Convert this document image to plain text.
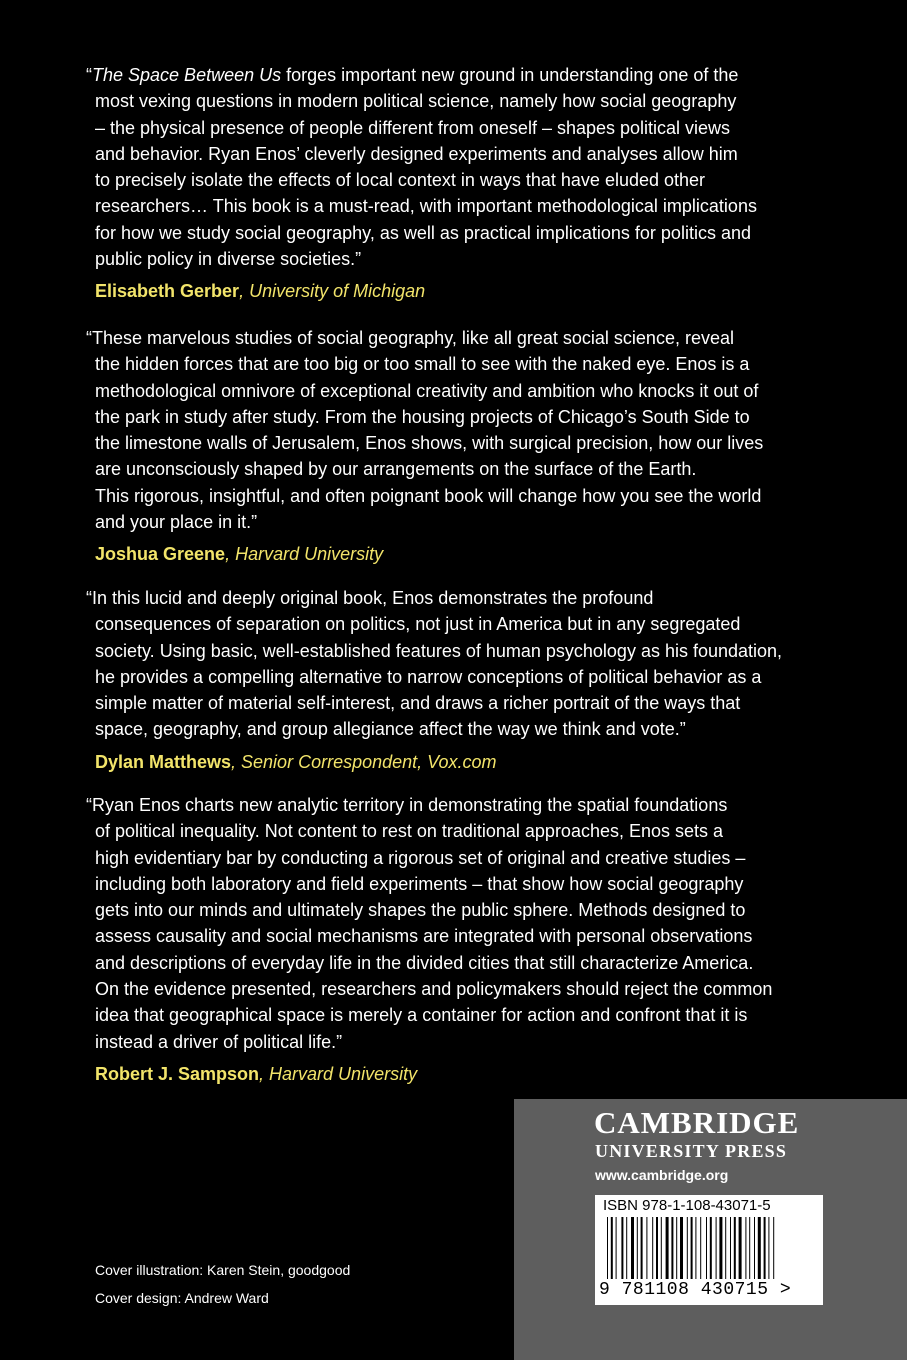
“The Space Between Us forges important new ground in understanding one of the
most vexing questions in modern political science, namely how social geography
– the physical presence of people different from oneself – shapes political views
and behavior. Ryan Enos’ cleverly designed experiments and analyses allow him
to precisely isolate the effects of local context in ways that have eluded other
researchers… This book is a must-read, with important methodological implications
for how we study social geography, as well as practical implications for politics and
public policy in diverse societies.”
Elisabeth Gerber, University of Michigan
“These marvelous studies of social geography, like all great social science, reveal
the hidden forces that are too big or too small to see with the naked eye. Enos is a
methodological omnivore of exceptional creativity and ambition who knocks it out of
the park in study after study. From the housing projects of Chicago’s South Side to
the limestone walls of Jerusalem, Enos shows, with surgical precision, how our lives
are unconsciously shaped by our arrangements on the surface of the Earth.
This rigorous, insightful, and often poignant book will change how you see the world
and your place in it.”
Joshua Greene, Harvard University
“In this lucid and deeply original book, Enos demonstrates the profound
consequences of separation on politics, not just in America but in any segregated
society. Using basic, well-established features of human psychology as his foundation,
he provides a compelling alternative to narrow conceptions of political behavior as a
simple matter of material self-interest, and draws a richer portrait of the ways that
space, geography, and group allegiance affect the way we think and vote.”
Dylan Matthews, Senior Correspondent, Vox.com
“Ryan Enos charts new analytic territory in demonstrating the spatial foundations
of political inequality. Not content to rest on traditional approaches, Enos sets a
high evidentiary bar by conducting a rigorous set of original and creative studies –
including both laboratory and field experiments – that show how social geography
gets into our minds and ultimately shapes the public sphere. Methods designed to
assess causality and social mechanisms are integrated with personal observations
and descriptions of everyday life in the divided cities that still characterize America.
On the evidence presented, researchers and policymakers should reject the common
idea that geographical space is merely a container for action and confront that it is
instead a driver of political life.”
Robert J. Sampson, Harvard University
Cover illustration: Karen Stein, goodgood
Cover design: Andrew Ward
CAMBRIDGE
UNIVERSITY PRESS
www.cambridge.org
ISBN 978-1-108-43071-5
9 781108 430715 >
